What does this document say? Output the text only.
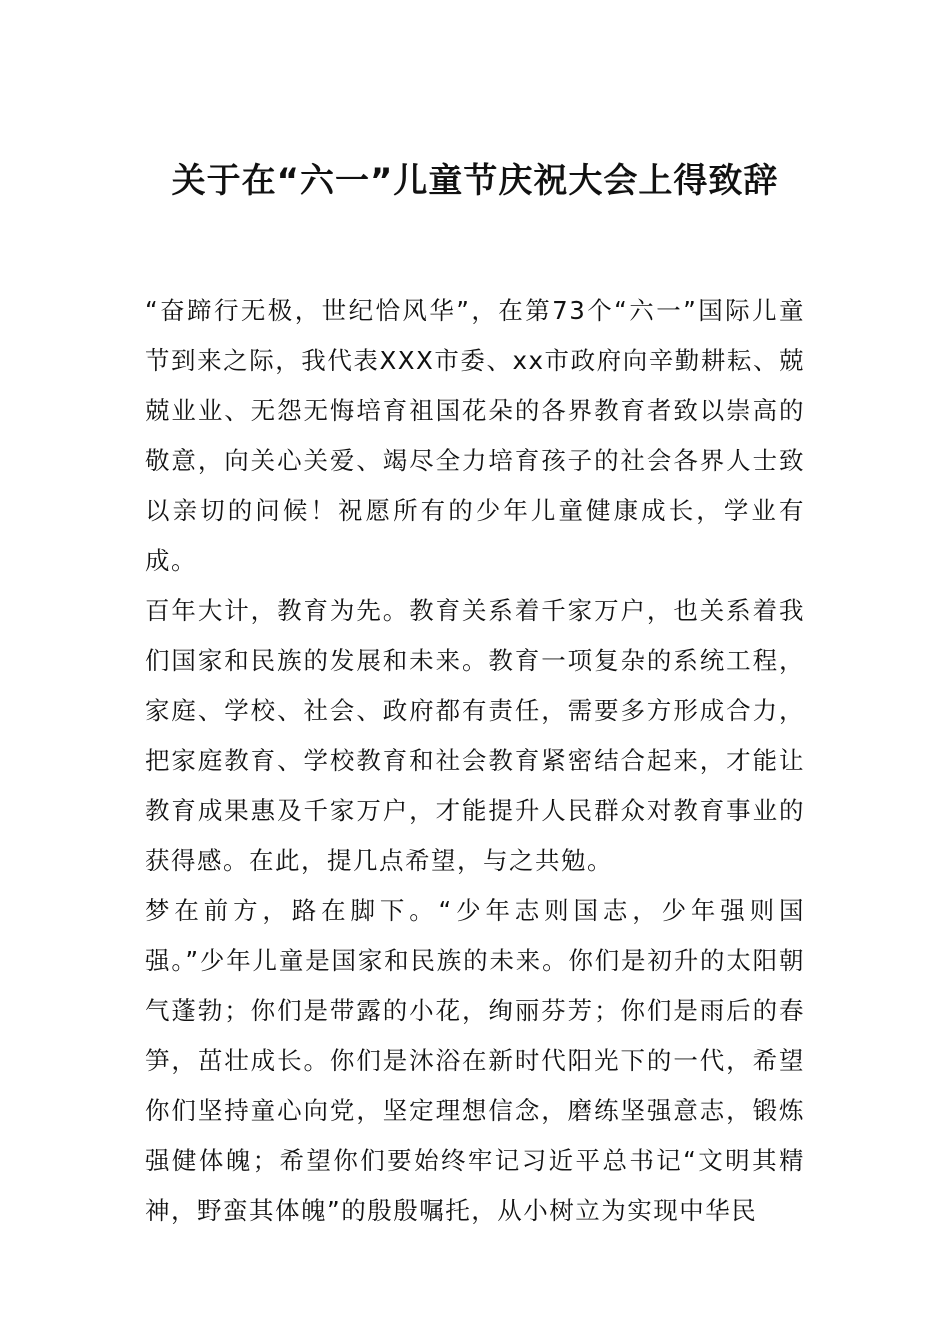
关于在“六一”儿童节庆祝大会上得致辞

“奋蹄行无极，世纪恰风华”，在第73个“六一”国际儿童节到来之际，我代表XXX市委、xx市政府向辛勤耕耘、兢兢业业、无怨无悔培育祖国花朵的各界教育者致以崇高的敬意，向关心关爱、竭尽全力培育孩子的社会各界人士致以亲切的问候！祝愿所有的少年儿童健康成长，学业有成。

百年大计，教育为先。教育关系着千家万户，也关系着我们国家和民族的发展和未来。教育一项复杂的系统工程，家庭、学校、社会、政府都有责任，需要多方形成合力，把家庭教育、学校教育和社会教育紧密结合起来，才能让教育成果惠及千家万户，才能提升人民群众对教育事业的获得感。在此，提几点希望，与之共勉。

梦在前方，路在脚下。“少年志则国志，少年强则国强。”少年儿童是国家和民族的未来。你们是初升的太阳朝气蓬勃；你们是带露的小花，绚丽芬芳；你们是雨后的春笋，茁壮成长。你们是沐浴在新时代阳光下的一代，希望你们坚持童心向党，坚定理想信念，磨练坚强意志，锻炼强健体魄；希望你们要始终牢记习近平总书记“文明其精神，野蛮其体魄”的殷殷嘱托，从小树立为实现中华民
